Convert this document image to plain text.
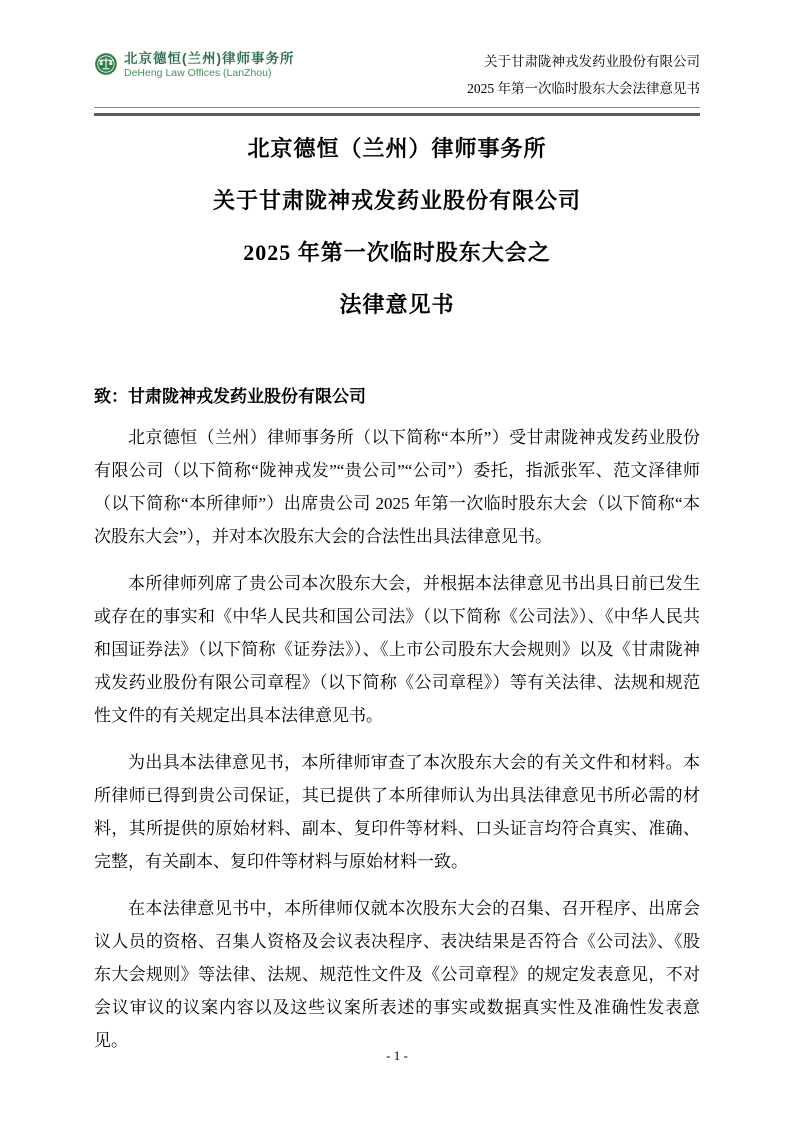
北京德恒(兰州)律师事务所
DeHeng Law Offices (LanZhou)
关于甘肃陇神戎发药业股份有限公司
2025 年第一次临时股东大会法律意见书

北京德恒（兰州）律师事务所

关于甘肃陇神戎发药业股份有限公司

2025 年第一次临时股东大会之

法律意见书

致：甘肃陇神戎发药业股份有限公司

北京德恒（兰州）律师事务所（以下简称“本所”）受甘肃陇神戎发药业股份有限公司（以下简称“陇神戎发”“贵公司”“公司”）委托，指派张军、范文泽律师（以下简称“本所律师”）出席贵公司 2025 年第一次临时股东大会（以下简称“本次股东大会”），并对本次股东大会的合法性出具法律意见书。

本所律师列席了贵公司本次股东大会，并根据本法律意见书出具日前已发生或存在的事实和《中华人民共和国公司法》（以下简称《公司法》）、《中华人民共和国证券法》（以下简称《证券法》）、《上市公司股东大会规则》以及《甘肃陇神戎发药业股份有限公司章程》（以下简称《公司章程》）等有关法律、法规和规范性文件的有关规定出具本法律意见书。

为出具本法律意见书，本所律师审查了本次股东大会的有关文件和材料。本所律师已得到贵公司保证，其已提供了本所律师认为出具法律意见书所必需的材料，其所提供的原始材料、副本、复印件等材料、口头证言均符合真实、准确、完整，有关副本、复印件等材料与原始材料一致。

在本法律意见书中，本所律师仅就本次股东大会的召集、召开程序、出席会议人员的资格、召集人资格及会议表决程序、表决结果是否符合《公司法》、《股东大会规则》等法律、法规、规范性文件及《公司章程》的规定发表意见，不对会议审议的议案内容以及这些议案所表述的事实或数据真实性及准确性发表意见。

- 1 -
